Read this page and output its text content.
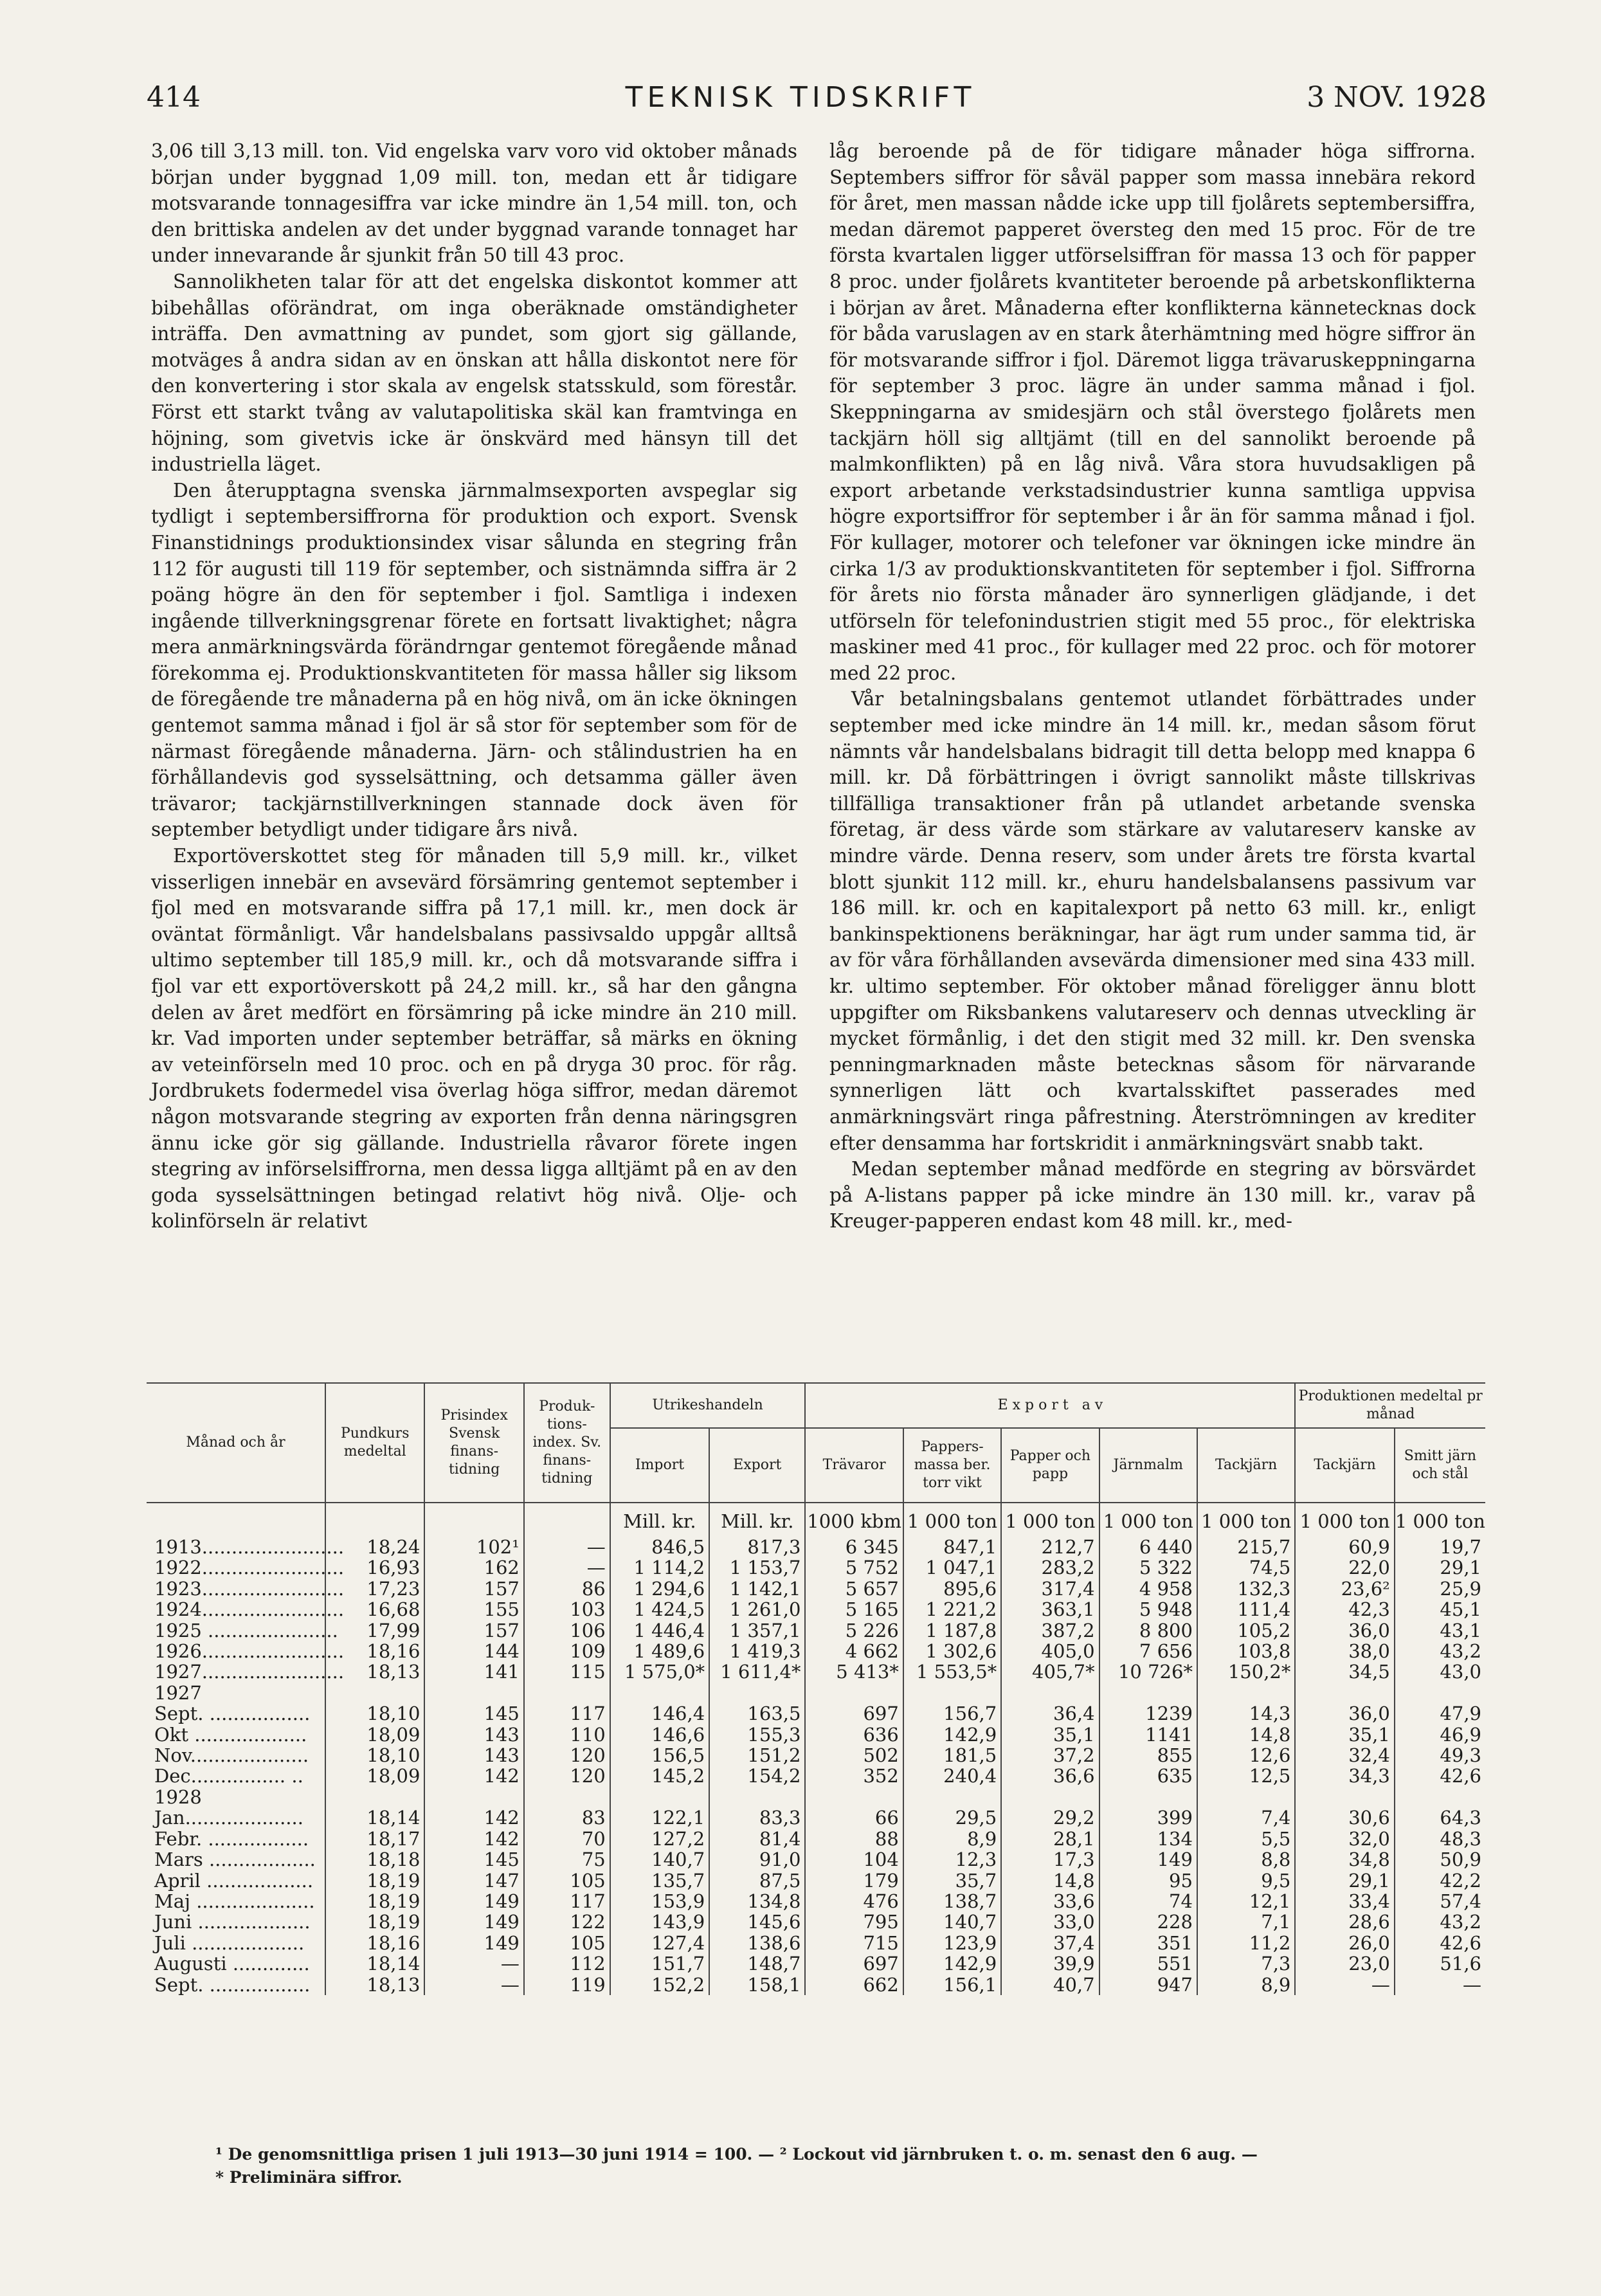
414	TEKNISK TIDSKRIFT	3 NOV. 1928

3,06 till 3,13 mill. ton. Vid engelska varv voro vid oktober månads början under byggnad 1,09 mill. ton, medan ett år tidigare motsvarande tonnagesiffra var icke mindre än 1,54 mill. ton, och den brittiska andelen av det under byggnad varande tonnaget har under innevarande år sjunkit från 50 till 43 proc.

Sannolikheten talar för att det engelska diskontot kommer att bibehållas oförändrat, om inga oberäknade omständigheter inträffa. Den avmattning av pundet, som gjort sig gällande, motväges å andra sidan av en önskan att hålla diskontot nere för den konvertering i stor skala av engelsk statsskuld, som förestår. Först ett starkt tvång av valutapolitiska skäl kan framtvinga en höjning, som givetvis icke är önskvärd med hänsyn till det industriella läget.

Den återupptagna svenska järnmalmsexporten avspeglar sig tydligt i septembersiffrorna för produktion och export. Svensk Finanstidnings produktionsindex visar sålunda en stegring från 112 för augusti till 119 för september, och sistnämnda siffra är 2 poäng högre än den för september i fjol. Samtliga i indexen ingående tillverkningsgrenar förete en fortsatt livaktighet; några mera anmärkningsvärda förändrngar gentemot föregående månad förekomma ej. Produktionskvantiteten för massa håller sig liksom de föregående tre månaderna på en hög nivå, om än icke ökningen gentemot samma månad i fjol är så stor för september som för de närmast föregående månaderna. Järn- och stålindustrien ha en förhållandevis god sysselsättning, och detsamma gäller även trävaror; tackjärnstillverkningen stannade dock även för september betydligt under tidigare års nivå.

Exportöverskottet steg för månaden till 5,9 mill. kr., vilket visserligen innebär en avsevärd försämring gentemot september i fjol med en motsvarande siffra på 17,1 mill. kr., men dock är oväntat förmånligt. Vår handelsbalans passivsaldo uppgår alltså ultimo september till 185,9 mill. kr., och då motsvarande siffra i fjol var ett exportöverskott på 24,2 mill. kr., så har den gångna delen av året medfört en försämring på icke mindre än 210 mill. kr. Vad importen under september beträffar, så märks en ökning av veteinförseln med 10 proc. och en på dryga 30 proc. för råg. Jordbrukets fodermedel visa överlag höga siffror, medan däremot någon motsvarande stegring av exporten från denna näringsgren ännu icke gör sig gällande. Industriella råvaror förete ingen stegring av införselsiffrorna, men dessa ligga alltjämt på en av den goda sysselsättningen betingad relativt hög nivå. Olje- och kolinförseln är relativt

låg beroende på de för tidigare månader höga siffrorna. Septembers siffror för såväl papper som massa innebära rekord för året, men massan nådde icke upp till fjolårets septembersiffra, medan däremot papperet översteg den med 15 proc. För de tre första kvartalen ligger utförselsiffran för massa 13 och för papper 8 proc. under fjolårets kvantiteter beroende på arbetskonflikterna i början av året. Månaderna efter konflikterna kännetecknas dock för båda varuslagen av en stark återhämtning med högre siffror än för motsvarande siffror i fjol. Däremot ligga trävaruskeppningarna för september 3 proc. lägre än under samma månad i fjol. Skeppningarna av smidesjärn och stål överstego fjolårets men tackjärn höll sig alltjämt (till en del sannolikt beroende på malmkonflikten) på en låg nivå. Våra stora huvudsakligen på export arbetande verkstadsindustrier kunna samtliga uppvisa högre exportsiffror för september i år än för samma månad i fjol. För kullager, motorer och telefoner var ökningen icke mindre än cirka 1/3 av produktionskvantiteten för september i fjol. Siffrorna för årets nio första månader äro synnerligen glädjande, i det utförseln för telefonindustrien stigit med 55 proc., för elektriska maskiner med 41 proc., för kullager med 22 proc. och för motorer med 22 proc.

Vår betalningsbalans gentemot utlandet förbättrades under september med icke mindre än 14 mill. kr., medan såsom förut nämnts vår handelsbalans bidragit till detta belopp med knappa 6 mill. kr. Då förbättringen i övrigt sannolikt måste tillskrivas tillfälliga transaktioner från på utlandet arbetande svenska företag, är dess värde som stärkare av valutareserv kanske av mindre värde. Denna reserv, som under årets tre första kvartal blott sjunkit 112 mill. kr., ehuru handelsbalansens passivum var 186 mill. kr. och en kapitalexport på netto 63 mill. kr., enligt bankinspektionens beräkningar, har ägt rum under samma tid, är av för våra förhållanden avsevärda dimensioner med sina 433 mill. kr. ultimo september. För oktober månad föreligger ännu blott uppgifter om Riksbankens valutareserv och dennas utveckling är mycket förmånlig, i det den stigit med 32 mill. kr. Den svenska penningmarknaden måste betecknas såsom för närvarande synnerligen lätt och kvartalsskiftet passerades med anmärkningsvärt ringa påfrestning. Återströmningen av krediter efter densamma har fortskridit i anmärkningsvärt snabb takt.

Medan september månad medförde en stegring av börsvärdet på A-listans papper på icke mindre än 130 mill. kr., varav på Kreuger-papperen endast kom 48 mill. kr., med-

Månad och år	Pundkurs medeltal	Prisindex Svensk finans-tidning	Produk-tions-index. Sv. finans-tidning	Utrikeshandeln		E x p o r t   a v					Produktionen medeltal pr månad	
				Import	Export	Trävaror	Pappers-massa ber. torr vikt	Papper och papp	Järnmalm	Tackjärn	Tackjärn	Smitt järn och stål
				Mill. kr.	Mill. kr.	1000 kbm	1 000 ton	1 000 ton	1 000 ton	1 000 ton	1 000 ton	1 000 ton
1913........................	18,24	102¹	—	846,5	817,3	6 345	847,1	212,7	6 440	215,7	60,9	19,7
1922........................	16,93	162	—	1 114,2	1 153,7	5 752	1 047,1	283,2	5 322	74,5	22,0	29,1
1923........................	17,23	157	86	1 294,6	1 142,1	5 657	895,6	317,4	4 958	132,3	23,6²	25,9
1924........................	16,68	155	103	1 424,5	1 261,0	5 165	1 221,2	363,1	5 948	111,4	42,3	45,1
1925 ......................	17,99	157	106	1 446,4	1 357,1	5 226	1 187,8	387,2	8 800	105,2	36,0	43,1
1926........................	18,16	144	109	1 489,6	1 419,3	4 662	1 302,6	405,0	7 656	103,8	38,0	43,2
1927........................	18,13	141	115	1 575,0*	1 611,4*	5 413*	1 553,5*	405,7*	10 726*	150,2*	34,5	43,0
1927												
Sept. .................	18,10	145	117	146,4	163,5	697	156,7	36,4	1239	14,3	36,0	47,9
Okt ...................	18,09	143	110	146,6	155,3	636	142,9	35,1	1141	14,8	35,1	46,9
Nov....................	18,10	143	120	156,5	151,2	502	181,5	37,2	855	12,6	32,4	49,3
Dec................ ..	18,09	142	120	145,2	154,2	352	240,4	36,6	635	12,5	34,3	42,6
1928												
Jan....................	18,14	142	83	122,1	83,3	66	29,5	29,2	399	7,4	30,6	64,3
Febr. .................	18,17	142	70	127,2	81,4	88	8,9	28,1	134	5,5	32,0	48,3
Mars ..................	18,18	145	75	140,7	91,0	104	12,3	17,3	149	8,8	34,8	50,9
April ..................	18,19	147	105	135,7	87,5	179	35,7	14,8	95	9,5	29,1	42,2
Maj ....................	18,19	149	117	153,9	134,8	476	138,7	33,6	74	12,1	33,4	57,4
Juni ...................	18,19	149	122	143,9	145,6	795	140,7	33,0	228	7,1	28,6	43,2
Juli ...................	18,16	149	105	127,4	138,6	715	123,9	37,4	351	11,2	26,0	42,6
Augusti .............	18,14	—	112	151,7	148,7	697	142,9	39,9	551	7,3	23,0	51,6
Sept. .................	18,13	—	119	152,2	158,1	662	156,1	40,7	947	8,9	—	—
¹ De genomsnittliga prisen 1 juli 1913—30 juni 1914 = 100. — ² Lockout vid järnbruken t. o. m. senast den 6 aug. —
* Preliminära siffror.
